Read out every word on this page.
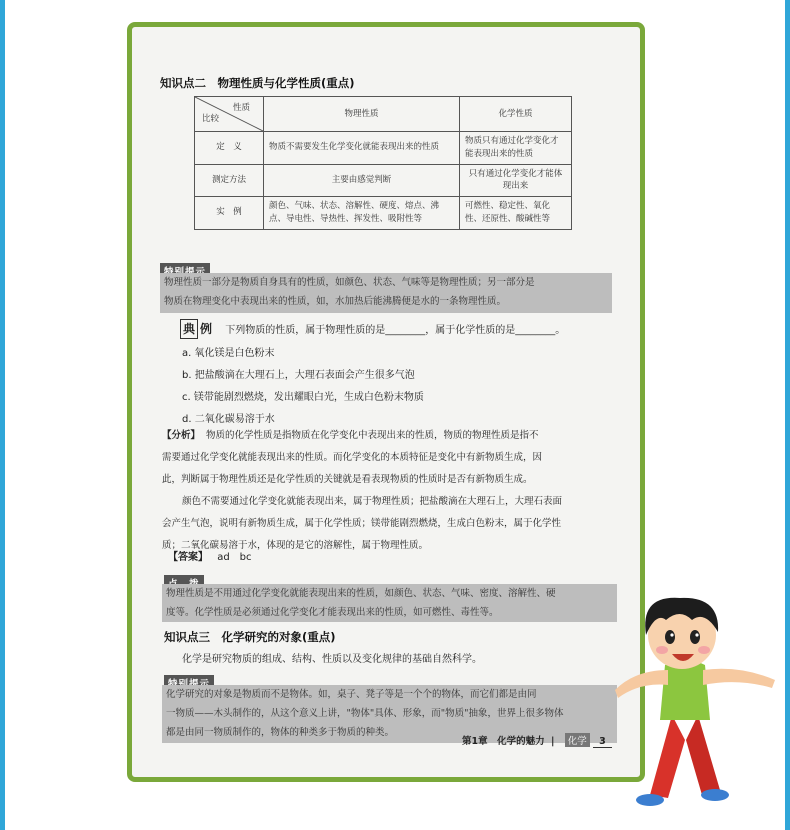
知识点二　物理性质与化学性质(重点)
性质
比较	物理性质	化学性质
定　义	物质不需要发生化学变化就能表现出来的性质	物质只有通过化学变化才能表现出来的性质
测定方法	主要由感觉判断	只有通过化学变化才能体现出来
实　例	颜色、气味、状态、溶解性、硬度、熔点、沸点、导电性、导热性、挥发性、吸附性等	可燃性、稳定性、氧化性、还原性、酸碱性等
物理性质一部分是物质自身具有的性质，如颜色、状态、气味等是物理性质；另一部分是
物质在物理变化中表现出来的性质，如，水加热后能沸腾便是水的一条物理性质。
典 例 下列物质的性质，属于物理性质的是________，属于化学性质的是________。
a. 氧化镁是白色粉末
b. 把盐酸滴在大理石上，大理石表面会产生很多气泡
c. 镁带能剧烈燃烧，发出耀眼白光，生成白色粉末物质
d. 二氧化碳易溶于水
【分析】 物质的化学性质是指物质在化学变化中表现出来的性质，物质的物理性质是指不
需要通过化学变化就能表现出来的性质。而化学变化的本质特征是变化中有新物质生成，因
此，判断属于物理性质还是化学性质的关键就是看表现物质的性质时是否有新物质生成。
颜色不需要通过化学变化就能表现出来，属于物理性质；把盐酸滴在大理石上，大理石表面
会产生气泡，说明有新物质生成，属于化学性质；镁带能剧烈燃烧，生成白色粉末，属于化学性
质；二氧化碳易溶于水，体现的是它的溶解性，属于物理性质。
【答案】 ad　bc
物理性质是不用通过化学变化就能表现出来的性质，如颜色、状态、气味、密度、溶解性、硬
度等。化学性质是必须通过化学变化才能表现出来的性质，如可燃性、毒性等。
知识点三　化学研究的对象(重点)
化学是研究物质的组成、结构、性质以及变化规律的基础自然科学。
化学研究的对象是物质而不是物体。如，桌子、凳子等是一个个的物体，而它们都是由同
一物质——木头制作的，从这个意义上讲，"物体"具体、形象，而"物质"抽象，世界上很多物体
都是由同一物质制作的，物体的种类多于物质的种类。
第1章　化学的魅力 | 化学 3
